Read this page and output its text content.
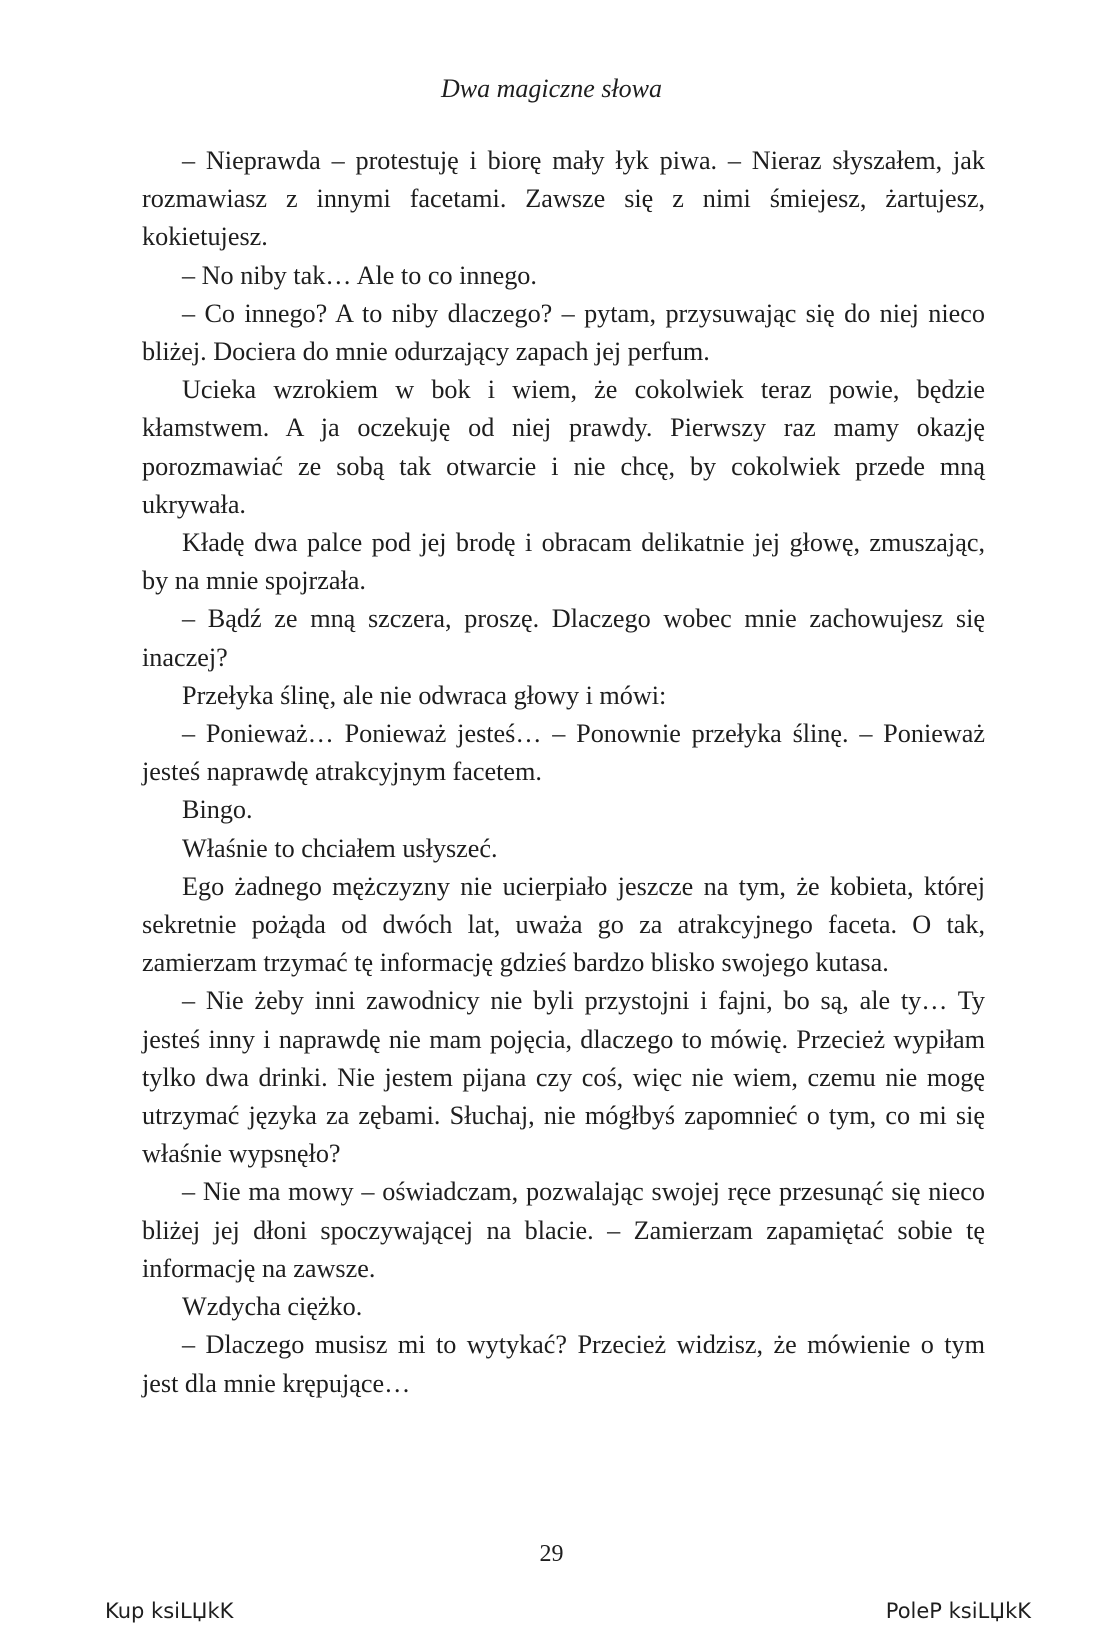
Dwa magiczne słowa

– Nieprawda – protestuję i biorę mały łyk piwa. – Nieraz słyszałem, jak rozmawiasz z innymi facetami. Zawsze się z nimi śmiejesz, żartujesz, kokietujesz.

– No niby tak… Ale to co innego.

– Co innego? A to niby dlaczego? – pytam, przysuwając się do niej nieco bliżej. Dociera do mnie odurzający zapach jej perfum.

Ucieka wzrokiem w bok i wiem, że cokolwiek teraz powie, będzie kłamstwem. A ja oczekuję od niej prawdy. Pierwszy raz mamy okazję porozmawiać ze sobą tak otwarcie i nie chcę, by cokolwiek przede mną ukrywała.

Kładę dwa palce pod jej brodę i obracam delikatnie jej głowę, zmuszając, by na mnie spojrzała.

– Bądź ze mną szczera, proszę. Dlaczego wobec mnie zachowujesz się inaczej?

Przełyka ślinę, ale nie odwraca głowy i mówi:

– Ponieważ… Ponieważ jesteś… – Ponownie przełyka ślinę. – Ponieważ jesteś naprawdę atrakcyjnym facetem.

Bingo.

Właśnie to chciałem usłyszeć.

Ego żadnego mężczyzny nie ucierpiało jeszcze na tym, że kobieta, której sekretnie pożąda od dwóch lat, uważa go za atrakcyjnego faceta. O tak, zamierzam trzymać tę informację gdzieś bardzo blisko swojego kutasa.

– Nie żeby inni zawodnicy nie byli przystojni i fajni, bo są, ale ty… Ty jesteś inny i naprawdę nie mam pojęcia, dlaczego to mówię. Przecież wypiłam tylko dwa drinki. Nie jestem pijana czy coś, więc nie wiem, czemu nie mogę utrzymać języka za zębami. Słuchaj, nie mógłbyś zapomnieć o tym, co mi się właśnie wypsnęło?

– Nie ma mowy – oświadczam, pozwalając swojej ręce przesunąć się nieco bliżej jej dłoni spoczywającej na blacie. – Zamierzam zapamiętać sobie tę informację na zawsze.

Wzdycha ciężko.

– Dlaczego musisz mi to wytykać? Przecież widzisz, że mówienie o tym jest dla mnie krępujące…

29
Kup ksiLЏkK	PoleP ksiLЏkK
